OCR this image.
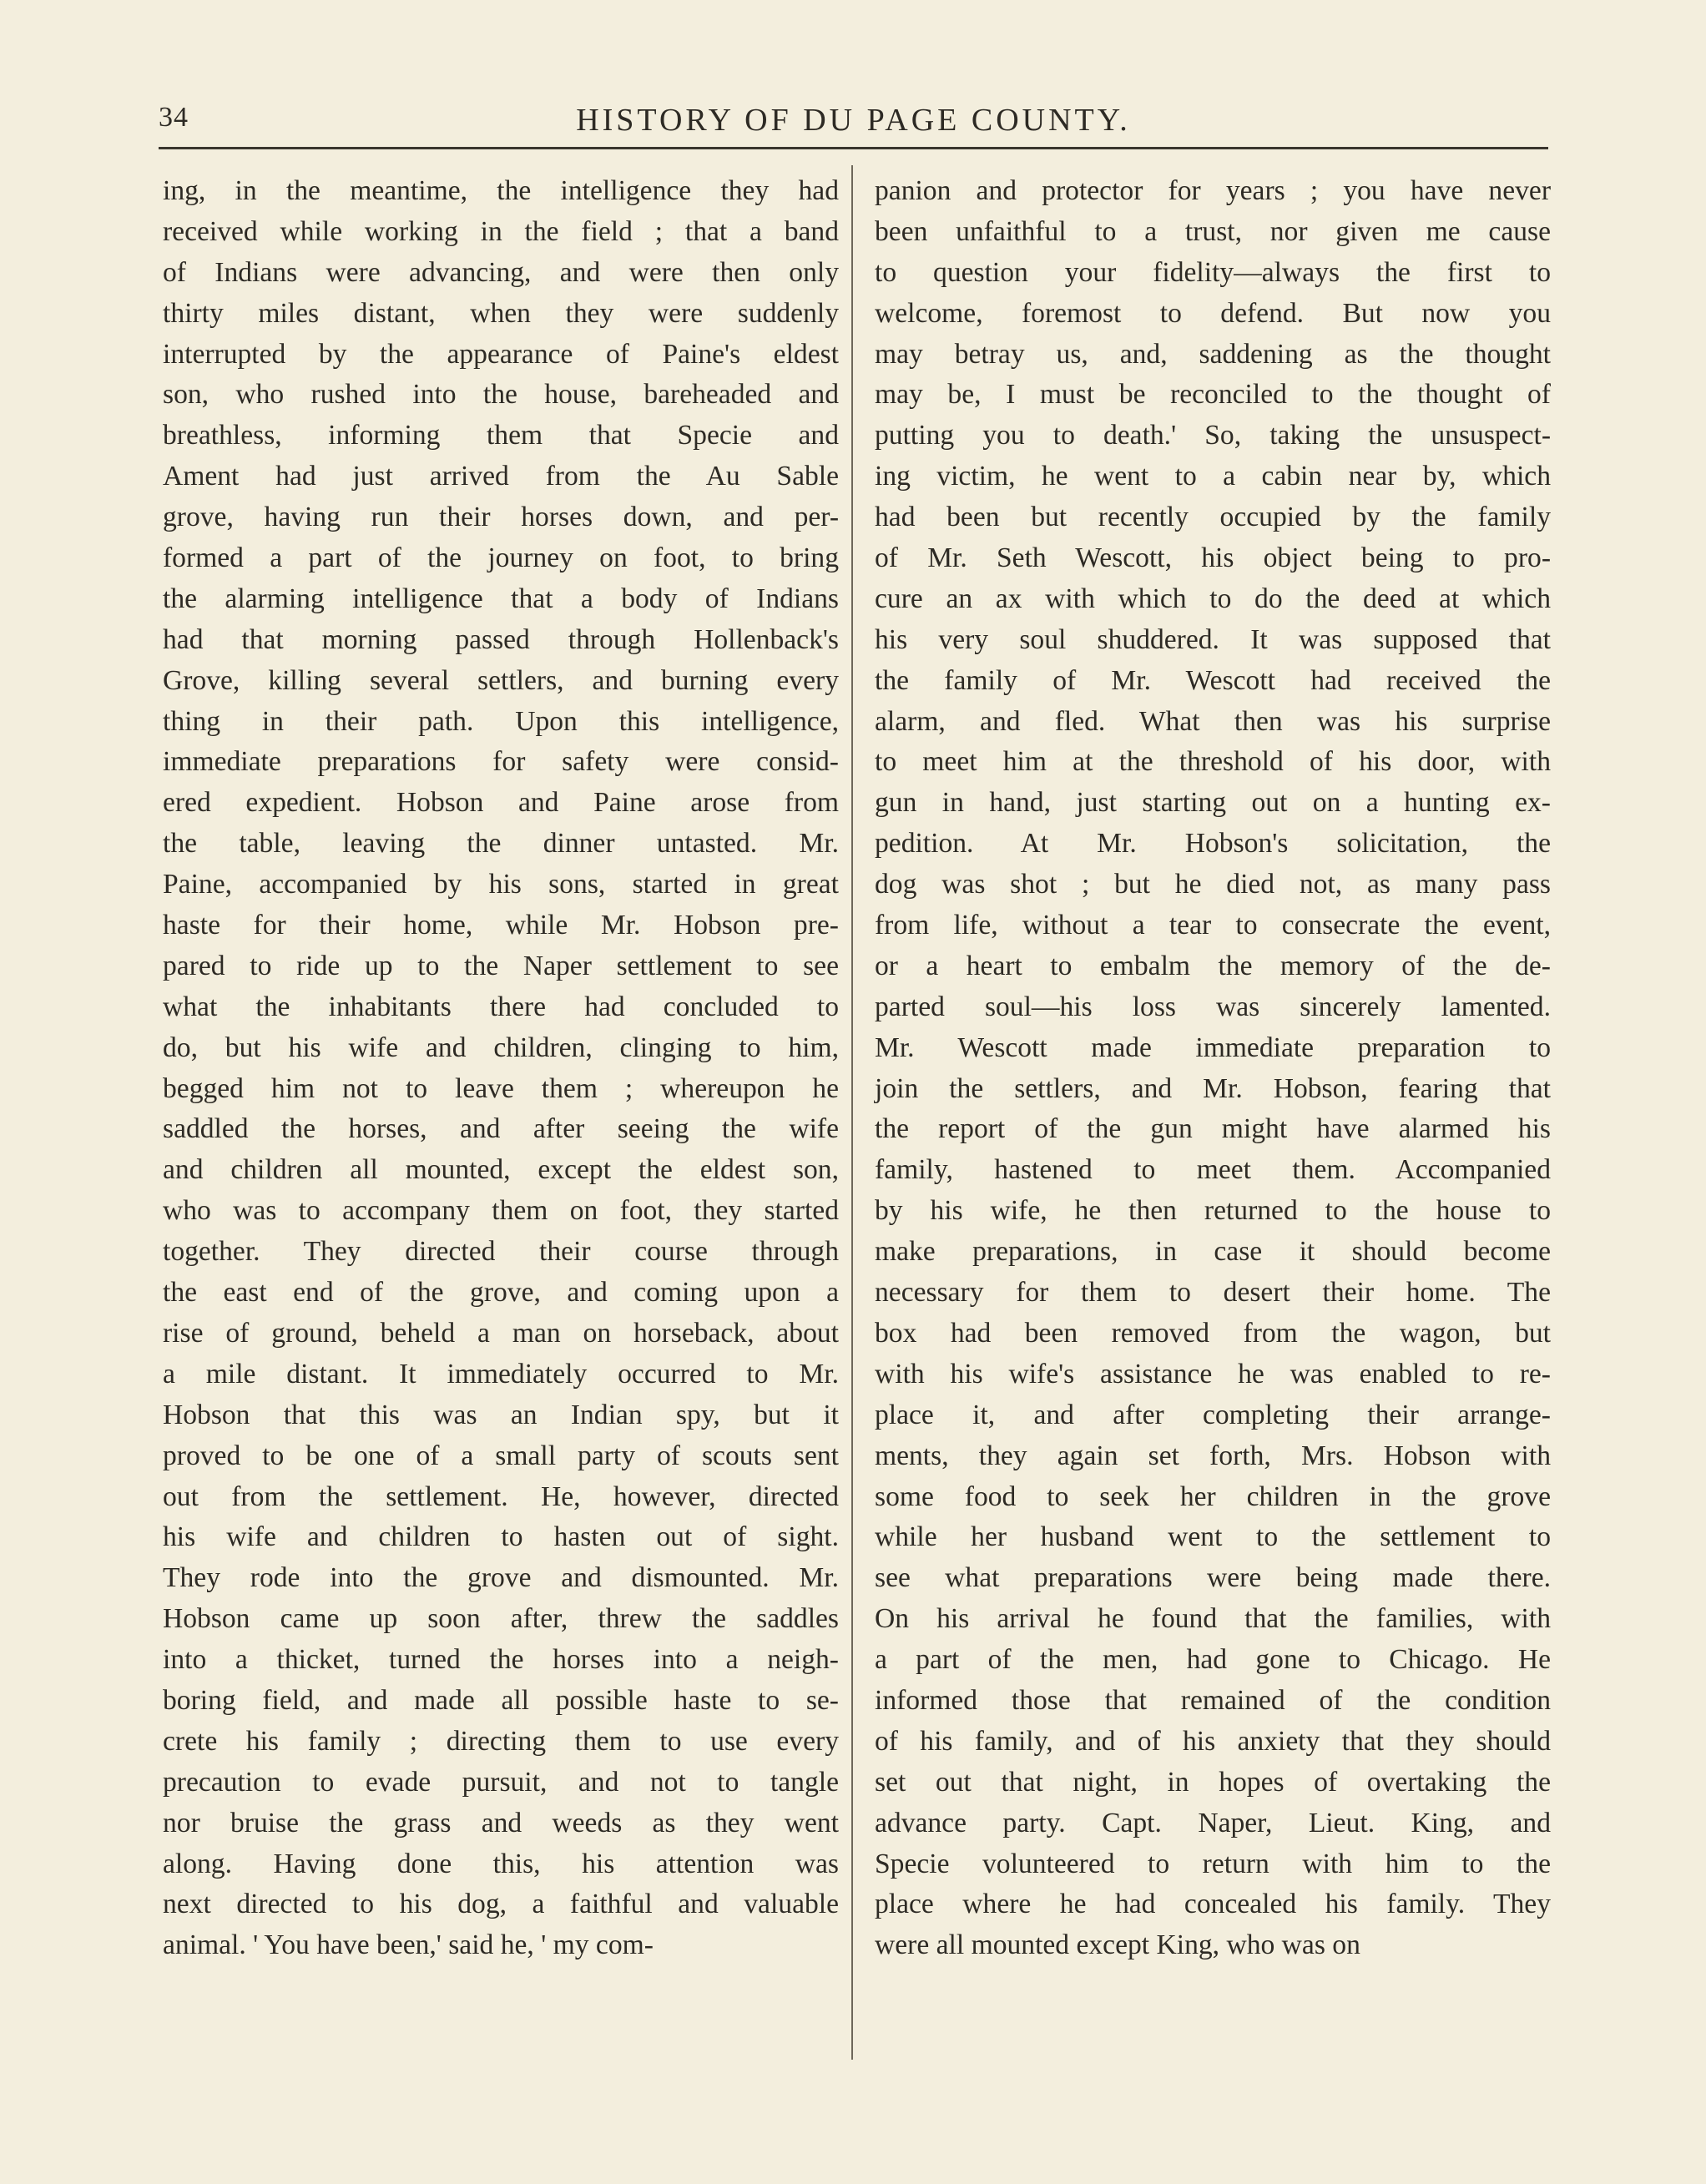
34	HISTORY OF DU PAGE COUNTY.
ing, in the meantime, the intelligence they had
received while working in the field ; that a band
of Indians were advancing, and were then only
thirty miles distant, when they were suddenly
interrupted by the appearance of Paine's eldest
son, who rushed into the house, bareheaded and
breathless, informing them that Specie and
Ament had just arrived from the Au Sable
grove, having run their horses down, and per-
formed a part of the journey on foot, to bring
the alarming intelligence that a body of Indians
had that morning passed through Hollenback's
Grove, killing several settlers, and burning every
thing in their path. Upon this intelligence,
immediate preparations for safety were consid-
ered expedient. Hobson and Paine arose from
the table, leaving the dinner untasted. Mr.
Paine, accompanied by his sons, started in great
haste for their home, while Mr. Hobson pre-
pared to ride up to the Naper settlement to see
what the inhabitants there had concluded to
do, but his wife and children, clinging to him,
begged him not to leave them ; whereupon he
saddled the horses, and after seeing the wife
and children all mounted, except the eldest son,
who was to accompany them on foot, they started
together. They directed their course through
the east end of the grove, and coming upon a
rise of ground, beheld a man on horseback, about
a mile distant. It immediately occurred to Mr.
Hobson that this was an Indian spy, but it
proved to be one of a small party of scouts sent
out from the settlement. He, however, directed
his wife and children to hasten out of sight.
They rode into the grove and dismounted. Mr.
Hobson came up soon after, threw the saddles
into a thicket, turned the horses into a neigh-
boring field, and made all possible haste to se-
crete his family ; directing them to use every
precaution to evade pursuit, and not to tangle
nor bruise the grass and weeds as they went
along. Having done this, his attention was
next directed to his dog, a faithful and valuable
animal. ' You have been,' said he, ' my com-
panion and protector for years ; you have never
been unfaithful to a trust, nor given me cause
to question your fidelity—always the first to
welcome, foremost to defend. But now you
may betray us, and, saddening as the thought
may be, I must be reconciled to the thought of
putting you to death.' So, taking the unsuspect-
ing victim, he went to a cabin near by, which
had been but recently occupied by the family
of Mr. Seth Wescott, his object being to pro-
cure an ax with which to do the deed at which
his very soul shuddered. It was supposed that
the family of Mr. Wescott had received the
alarm, and fled. What then was his surprise
to meet him at the threshold of his door, with
gun in hand, just starting out on a hunting ex-
pedition. At Mr. Hobson's solicitation, the
dog was shot ; but he died not, as many pass
from life, without a tear to consecrate the event,
or a heart to embalm the memory of the de-
parted soul—his loss was sincerely lamented.
Mr. Wescott made immediate preparation to
join the settlers, and Mr. Hobson, fearing that
the report of the gun might have alarmed his
family, hastened to meet them. Accompanied
by his wife, he then returned to the house to
make preparations, in case it should become
necessary for them to desert their home. The
box had been removed from the wagon, but
with his wife's assistance he was enabled to re-
place it, and after completing their arrange-
ments, they again set forth, Mrs. Hobson with
some food to seek her children in the grove
while her husband went to the settlement to
see what preparations were being made there.
On his arrival he found that the families, with
a part of the men, had gone to Chicago. He
informed those that remained of the condition
of his family, and of his anxiety that they should
set out that night, in hopes of overtaking the
advance party. Capt. Naper, Lieut. King, and
Specie volunteered to return with him to the
place where he had concealed his family. They
were all mounted except King, who was on
